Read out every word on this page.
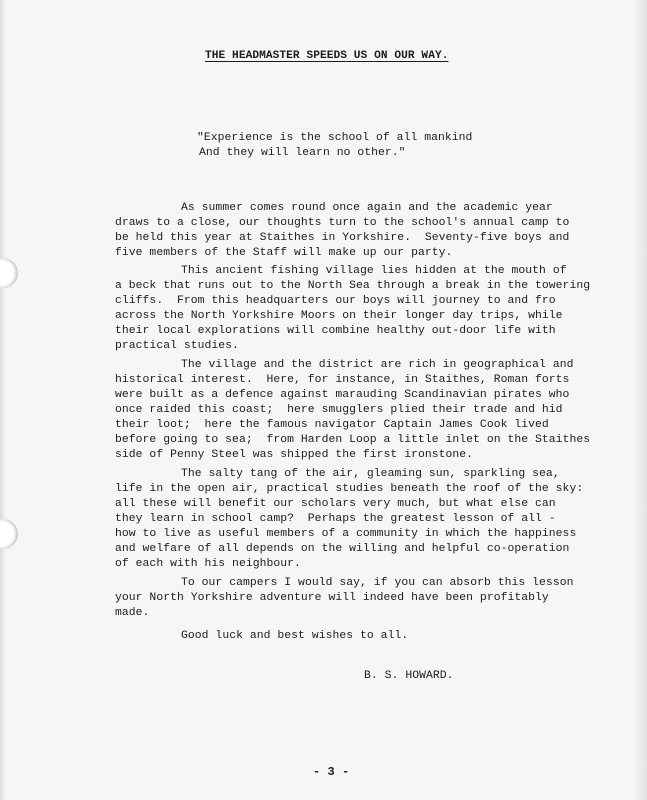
THE HEADMASTER SPEEDS US ON OUR WAY.
"Experience is the school of all mankind
And they will learn no other."
As summer comes round once again and the academic year
draws to a close, our thoughts turn to the school's annual camp to
be held this year at Staithes in Yorkshire.  Seventy-five boys and
five members of the Staff will make up our party.
This ancient fishing village lies hidden at the mouth of
a beck that runs out to the North Sea through a break in the towering
cliffs.  From this headquarters our boys will journey to and fro
across the North Yorkshire Moors on their longer day trips, while
their local explorations will combine healthy out-door life with
practical studies.
The village and the district are rich in geographical and
historical interest.  Here, for instance, in Staithes, Roman forts
were built as a defence against marauding Scandinavian pirates who
once raided this coast;  here smugglers plied their trade and hid
their loot;  here the famous navigator Captain James Cook lived
before going to sea;  from Harden Loop a little inlet on the Staithes
side of Penny Steel was shipped the first ironstone.
The salty tang of the air, gleaming sun, sparkling sea,
life in the open air, practical studies beneath the roof of the sky:
all these will benefit our scholars very much, but what else can
they learn in school camp?  Perhaps the greatest lesson of all -
how to live as useful members of a community in which the happiness
and welfare of all depends on the willing and helpful co-operation
of each with his neighbour.
To our campers I would say, if you can absorb this lesson
your North Yorkshire adventure will indeed have been profitably
made.
Good luck and best wishes to all.
B. S. HOWARD.
- 3 -
